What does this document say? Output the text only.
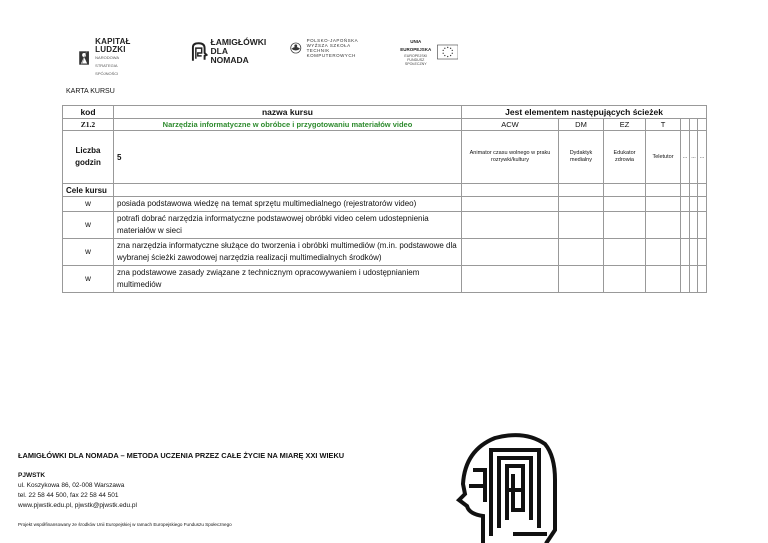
KAPITAŁ LUDZKI
NARODOWA STRATEGIA SPÓJNOŚCI
ŁAMIGŁÓWKI
DLA NOMADA
POLSKO-JAPOŃSKA
WYŻSZA SZKOŁA
TECHNIK KOMPUTEROWYCH
UNIA EUROPEJSKA
EUROPEJSKI
FUNDUSZ SPOŁECZNY
KARTA KURSU
kod	nazwa kursu	Jest elementem następujących ścieżek						
Z1.2	Narzędzia informatyczne w obróbce i przygotowaniu materiałów video	ACW	DM	EZ	T			
Liczba godzin	5	Animator czasu wolnego w praku rozrywki/kultury	Dydaktyk medialny	Edukator zdrowia	Teletutor	...	...	...
Cele kursu								
w	posiada podstawowa wiedzę na temat sprzętu multimedialnego (rejestratorów video)							
w	potrafi dobrać narzędzia informatyczne podstawowej obróbki video celem udostepnienia materiałów w sieci							
w	zna narzędzia informatyczne służące do tworzenia i obróbki multimediów (m.in. podstawowe dla wybranej ścieżki zawodowej narzędzia realizacji multimedialnych środków)							
w	zna podstawowe zasady związane z technicznym opracowywaniem i udostępnianiem multimediów							
ŁAMIGŁÓWKI DLA NOMADA – METODA UCZENIA PRZEZ CAŁE ŻYCIE NA MIARĘ XXI WIEKU
PJWSTK
ul. Koszykowa 86, 02-008 Warszawa
tel. 22 58 44 500, fax 22 58 44 501
www.pjwstk.edu.pl, pjwstk@pjwstk.edu.pl
Projekt współfinansowany ze środków Unii Europejskiej w ramach Europejskiego Funduszu Społecznego
